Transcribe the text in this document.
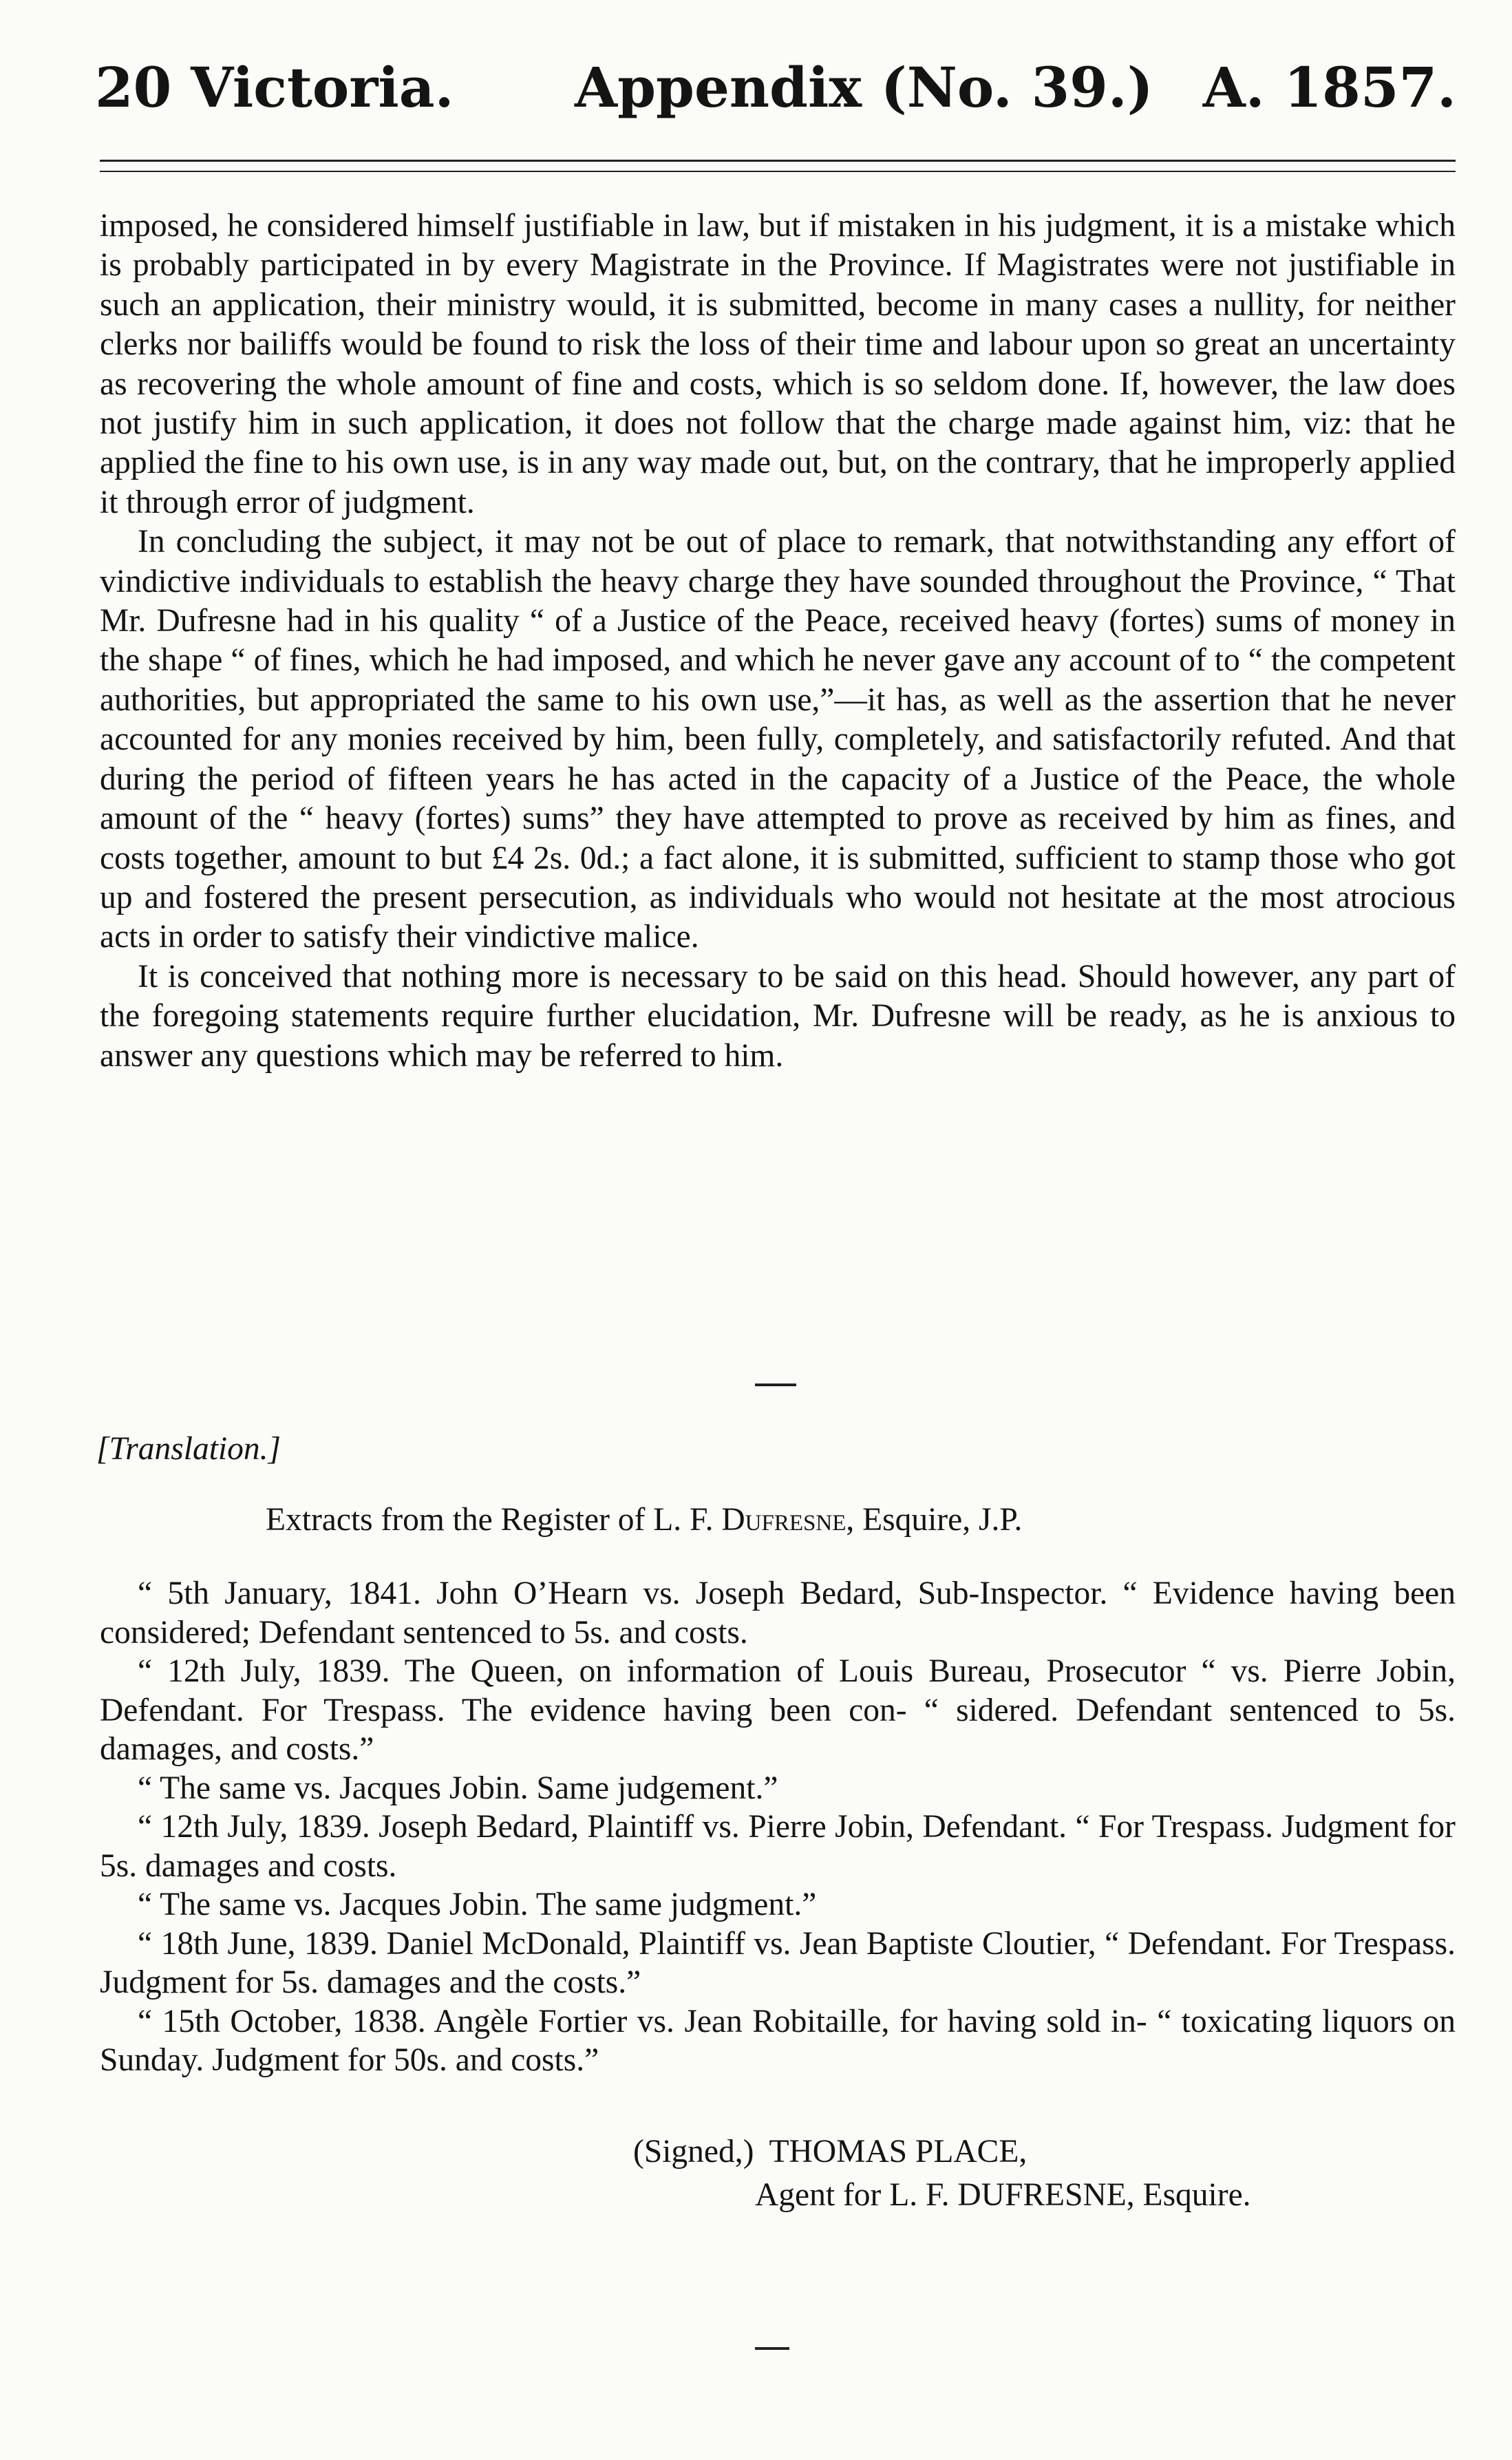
20 Victoria. Appendix (No. 39.) A. 1857.

imposed, he considered himself justifiable in law, but if mistaken in his judgment, it is a mistake which is probably participated in by every Magistrate in the Province. If Magistrates were not justifiable in such an application, their ministry would, it is submitted, become in many cases a nullity, for neither clerks nor bailiffs would be found to risk the loss of their time and labour upon so great an uncertainty as recovering the whole amount of fine and costs, which is so seldom done. If, however, the law does not justify him in such application, it does not follow that the charge made against him, viz: that he applied the fine to his own use, is in any way made out, but, on the contrary, that he improperly applied it through error of judgment.

In concluding the subject, it may not be out of place to remark, that notwithstanding any effort of vindictive individuals to establish the heavy charge they have sounded throughout the Province, “ That Mr. Dufresne had in his quality “ of a Justice of the Peace, received heavy (fortes) sums of money in the shape “ of fines, which he had imposed, and which he never gave any account of to “ the competent authorities, but appropriated the same to his own use,”—it has, as well as the assertion that he never accounted for any monies received by him, been fully, completely, and satisfactorily refuted. And that during the period of fifteen years he has acted in the capacity of a Justice of the Peace, the whole amount of the “ heavy (fortes) sums” they have attempted to prove as received by him as fines, and costs together, amount to but £4 2s. 0d.; a fact alone, it is submitted, sufficient to stamp those who got up and fostered the present persecution, as individuals who would not hesitate at the most atrocious acts in order to satisfy their vindictive malice.

It is conceived that nothing more is necessary to be said on this head. Should however, any part of the foregoing statements require further elucidation, Mr. Dufresne will be ready, as he is anxious to answer any questions which may be referred to him.

[Translation.]
Extracts from the Register of L. F. Dufresne, Esquire, J.P.

“ 5th January, 1841. John O’Hearn vs. Joseph Bedard, Sub-Inspector. “ Evidence having been considered; Defendant sentenced to 5s. and costs.

“ 12th July, 1839. The Queen, on information of Louis Bureau, Prosecutor “ vs. Pierre Jobin, Defendant. For Trespass. The evidence having been con- “ sidered. Defendant sentenced to 5s. damages, and costs.”

“ The same vs. Jacques Jobin. Same judgement.”

“ 12th July, 1839. Joseph Bedard, Plaintiff vs. Pierre Jobin, Defendant. “ For Trespass. Judgment for 5s. damages and costs.

“ The same vs. Jacques Jobin. The same judgment.”

“ 18th June, 1839. Daniel McDonald, Plaintiff vs. Jean Baptiste Cloutier, “ Defendant. For Trespass. Judgment for 5s. damages and the costs.”

“ 15th October, 1838. Angèle Fortier vs. Jean Robitaille, for having sold in- “ toxicating liquors on Sunday. Judgment for 50s. and costs.”

(Signed,) THOMAS PLACE,
Agent for L. F. DUFRESNE, Esquire.
